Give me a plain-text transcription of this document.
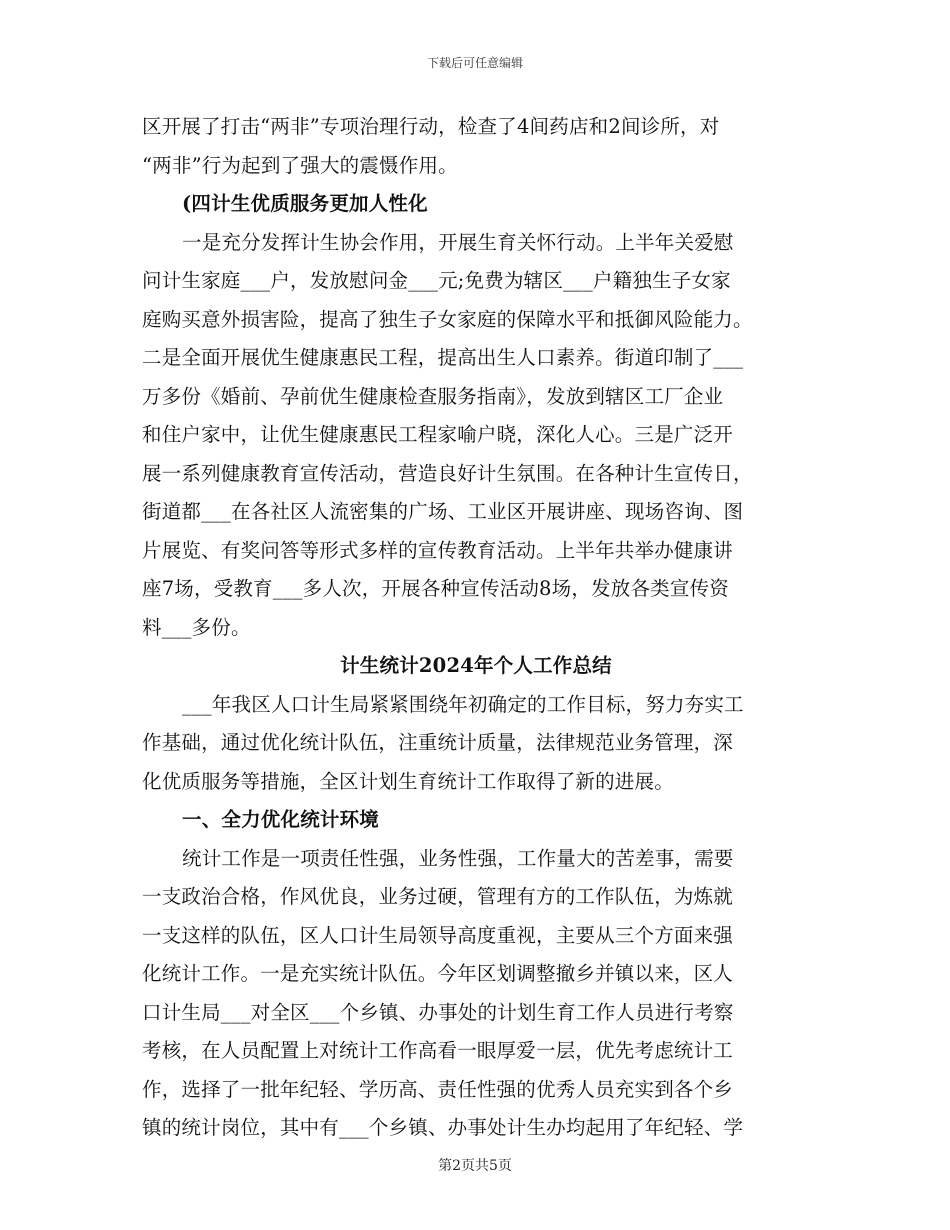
下载后可任意编辑
区开展了打击“两非”专项治理行动，检查了4间药店和2间诊所，对
“两非”行为起到了强大的震慑作用。
(四计生优质服务更加人性化
一是充分发挥计生协会作用，开展生育关怀行动。上半年关爱慰
问计生家庭___户，发放慰问金___元;免费为辖区___户籍独生子女家
庭购买意外损害险，提高了独生子女家庭的保障水平和抵御风险能力。
二是全面开展优生健康惠民工程，提高出生人口素养。街道印制了___
万多份《婚前、孕前优生健康检查服务指南》，发放到辖区工厂企业
和住户家中，让优生健康惠民工程家喻户晓，深化人心。三是广泛开
展一系列健康教育宣传活动，营造良好计生氛围。在各种计生宣传日，
街道都___在各社区人流密集的广场、工业区开展讲座、现场咨询、图
片展览、有奖问答等形式多样的宣传教育活动。上半年共举办健康讲
座7场，受教育___多人次，开展各种宣传活动8场，发放各类宣传资
料___多份。
计生统计2024年个人工作总结
___年我区人口计生局紧紧围绕年初确定的工作目标，努力夯实工
作基础，通过优化统计队伍，注重统计质量，法律规范业务管理，深
化优质服务等措施，全区计划生育统计工作取得了新的进展。
一、全力优化统计环境
统计工作是一项责任性强，业务性强，工作量大的苦差事，需要
一支政治合格，作风优良，业务过硬，管理有方的工作队伍，为炼就
一支这样的队伍，区人口计生局领导高度重视，主要从三个方面来强
化统计工作。一是充实统计队伍。今年区划调整撤乡并镇以来，区人
口计生局___对全区___个乡镇、办事处的计划生育工作人员进行考察
考核，在人员配置上对统计工作高看一眼厚爱一层，优先考虑统计工
作，选择了一批年纪轻、学历高、责任性强的优秀人员充实到各个乡
镇的统计岗位，其中有___个乡镇、办事处计生办均起用了年纪轻、学
第2页共5页
